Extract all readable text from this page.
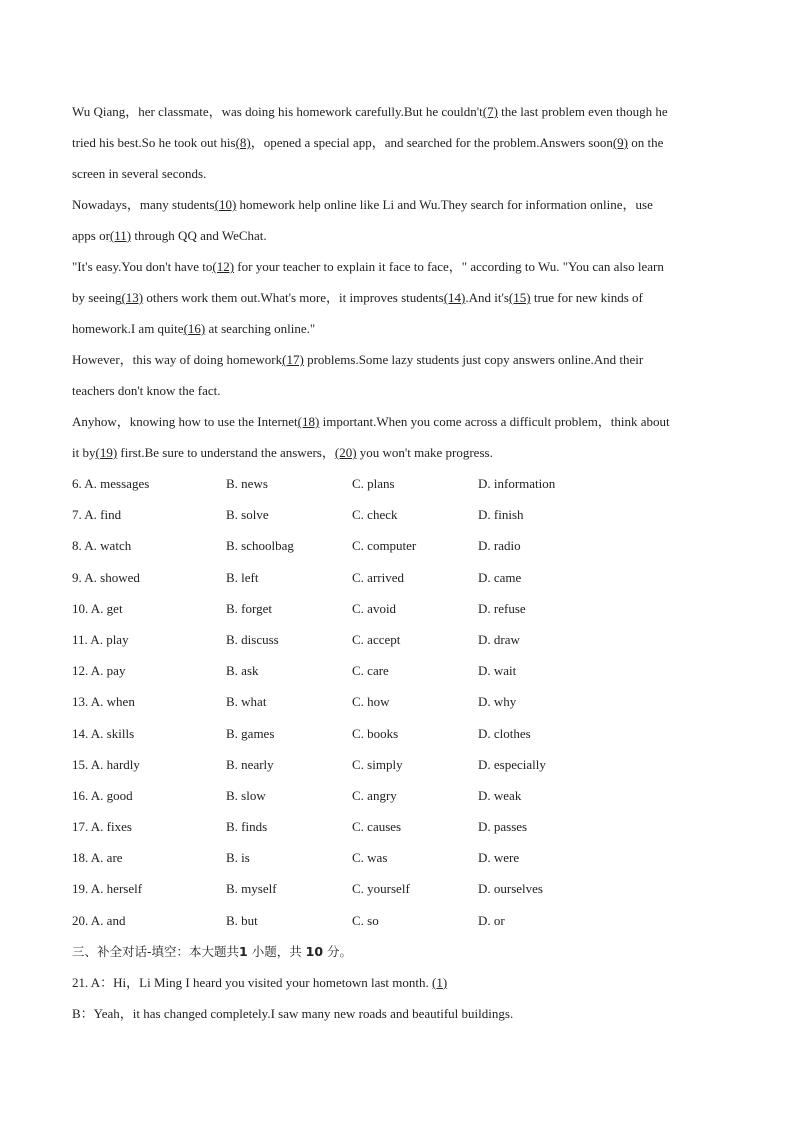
Wu Qiang，her classmate，was doing his homework carefully.But he couldn't(7) the last problem even though he
tried his best.So he took out his(8)，opened a special app，and searched for the problem.Answers soon(9) on the
screen in several seconds.
Nowadays，many students(10) homework help online like Li and Wu.They search for information online，use
apps or(11) through QQ and WeChat.
"It's easy.You don't have to(12) for your teacher to explain it face to face，" according to Wu. "You can also learn
by seeing(13) others work them out.What's more，it improves students(14).And it's(15) true for new kinds of
homework.I am quite(16) at searching online."
However，this way of doing homework(17) problems.Some lazy students just copy answers online.And their
teachers don't know the fact.
Anyhow，knowing how to use the Internet(18) important.When you come across a difficult problem，think about
it by(19) first.Be sure to understand the answers，(20) you won't make progress.
6. A. messages	B. news	C. plans	D. information
7. A. find	B. solve	C. check	D. finish
8. A. watch	B. schoolbag	C. computer	D. radio
9. A. showed	B. left	C. arrived	D. came
10. A. get	B. forget	C. avoid	D. refuse
11. A. play	B. discuss	C. accept	D. draw
12. A. pay	B. ask	C. care	D. wait
13. A. when	B. what	C. how	D. why
14. A. skills	B. games	C. books	D. clothes
15. A. hardly	B. nearly	C. simply	D. especially
16. A. good	B. slow	C. angry	D. weak
17. A. fixes	B. finds	C. causes	D. passes
18. A. are	B. is	C. was	D. were
19. A. herself	B. myself	C. yourself	D. ourselves
20. A. and	B. but	C. so	D. or
三、补全对话-填空：本大题共1 小题，共 10 分。
21. A：Hi，Li Ming I heard you visited your hometown last month. (1)
B：Yeah，it has changed completely.I saw many new roads and beautiful buildings.
